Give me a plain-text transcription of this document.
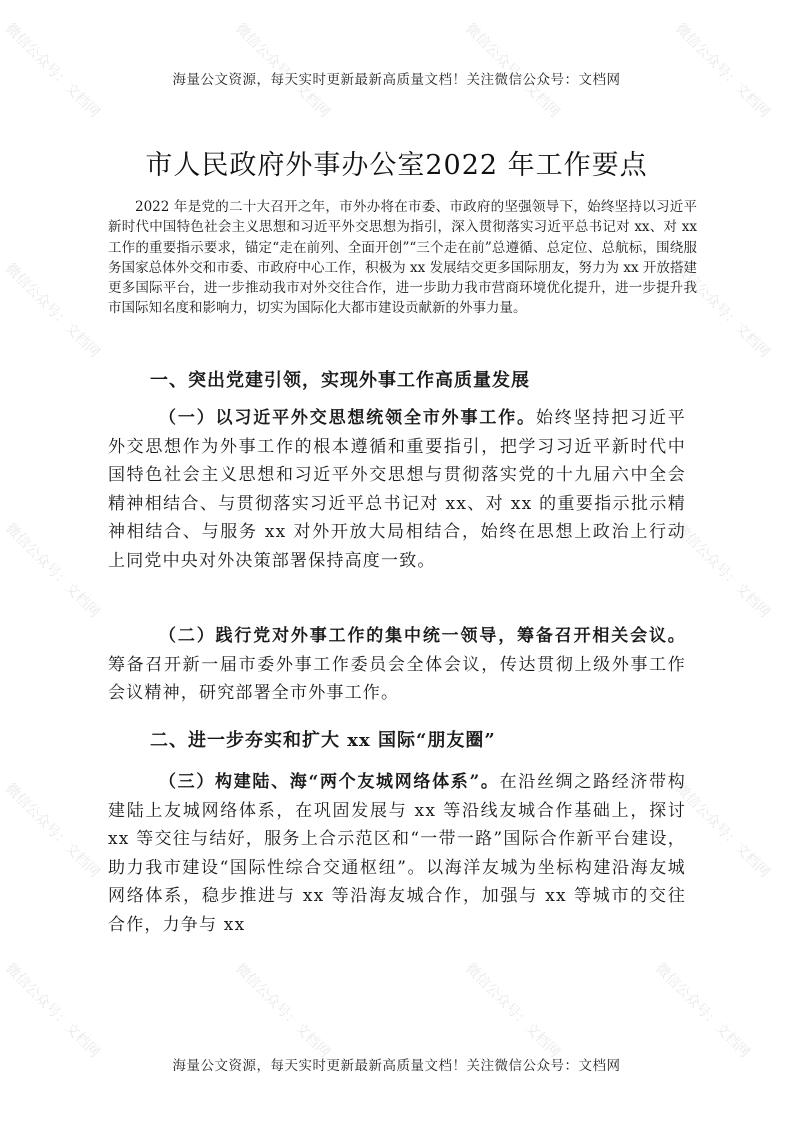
微信公众号：文档网	微信公众号：文档网	微信公众号：文档网	微信公众号：文档网
微信公众号：文档网	微信公众号：文档网
微信公众号：文档网	微信公众号：文档网
微信公众号：文档网	微信公众号：文档网
微信公众号：文档网	微信公众号：文档网	微信公众号：文档网	微信公众号：文档网
海量公文资源，每天实时更新最新高质量文档！关注微信公众号：文档网
市人民政府外事办公室2022 年工作要点

2022 年是党的二十大召开之年，市外办将在市委、市政府的坚强领导下，始终坚持以习近平新时代中国特色社会主义思想和习近平外交思想为指引，深入贯彻落实习近平总书记对 xx、对 xx 工作的重要指示要求，锚定“走在前列、全面开创”“三个走在前”总遵循、总定位、总航标，围绕服务国家总体外交和市委、市政府中心工作，积极为 xx 发展结交更多国际朋友，努力为 xx 开放搭建更多国际平台，进一步推动我市对外交往合作，进一步助力我市营商环境优化提升，进一步提升我市国际知名度和影响力，切实为国际化大都市建设贡献新的外事力量。

一、突出党建引领，实现外事工作高质量发展

（一）以习近平外交思想统领全市外事工作。始终坚持把习近平外交思想作为外事工作的根本遵循和重要指引，把学习习近平新时代中国特色社会主义思想和习近平外交思想与贯彻落实党的十九届六中全会精神相结合、与贯彻落实习近平总书记对 xx、对 xx 的重要指示批示精神相结合、与服务 xx 对外开放大局相结合，始终在思想上政治上行动上同党中央对外决策部署保持高度一致。

（二）践行党对外事工作的集中统一领导，筹备召开相关会议。筹备召开新一届市委外事工作委员会全体会议，传达贯彻上级外事工作会议精神，研究部署全市外事工作。

二、进一步夯实和扩大 xx 国际“朋友圈”

（三）构建陆、海“两个友城网络体系”。在沿丝绸之路经济带构建陆上友城网络体系，在巩固发展与 xx 等沿线友城合作基础上，探讨 xx 等交往与结好，服务上合示范区和“一带一路”国际合作新平台建设，助力我市建设“国际性综合交通枢纽”。以海洋友城为坐标构建沿海友城网络体系，稳步推进与 xx 等沿海友城合作，加强与 xx 等城市的交往合作，力争与 xx

海量公文资源，每天实时更新最新高质量文档！关注微信公众号：文档网
